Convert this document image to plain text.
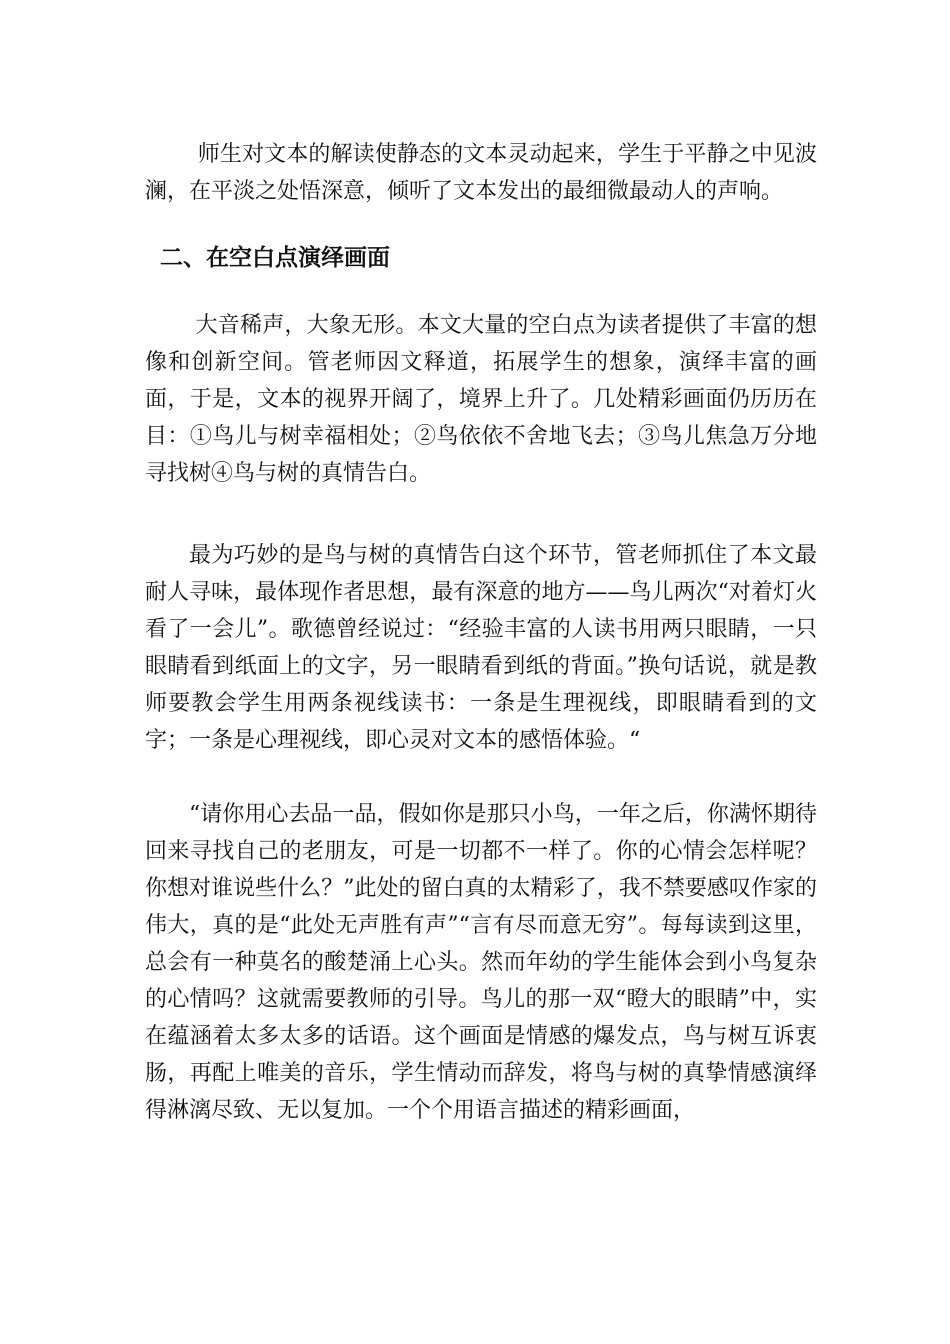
师生对文本的解读使静态的文本灵动起来，学生于平静之中见波澜，在平淡之处悟深意，倾听了文本发出的最细微最动人的声响。

二、在空白点演绎画面

大音稀声，大象无形。本文大量的空白点为读者提供了丰富的想像和创新空间。管老师因文释道，拓展学生的想象，演绎丰富的画面，于是，文本的视界开阔了，境界上升了。几处精彩画面仍历历在目：①鸟儿与树幸福相处；②鸟依依不舍地飞去；③鸟儿焦急万分地寻找树④鸟与树的真情告白。

最为巧妙的是鸟与树的真情告白这个环节，管老师抓住了本文最耐人寻味，最体现作者思想，最有深意的地方——鸟儿两次“对着灯火看了一会儿”。歌德曾经说过：“经验丰富的人读书用两只眼睛，一只眼睛看到纸面上的文字，另一眼睛看到纸的背面。”换句话说，就是教师要教会学生用两条视线读书：一条是生理视线，即眼睛看到的文字；一条是心理视线，即心灵对文本的感悟体验。“

“请你用心去品一品，假如你是那只小鸟，一年之后，你满怀期待回来寻找自己的老朋友，可是一切都不一样了。你的心情会怎样呢？你想对谁说些什么？”此处的留白真的太精彩了，我不禁要感叹作家的伟大，真的是“此处无声胜有声”“言有尽而意无穷”。每每读到这里，总会有一种莫名的酸楚涌上心头。然而年幼的学生能体会到小鸟复杂的心情吗？这就需要教师的引导。鸟儿的那一双“瞪大的眼睛”中，实在蕴涵着太多太多的话语。这个画面是情感的爆发点，鸟与树互诉衷肠，再配上唯美的音乐，学生情动而辞发，将鸟与树的真挚情感演绎得淋漓尽致、无以复加。一个个用语言描述的精彩画面，
